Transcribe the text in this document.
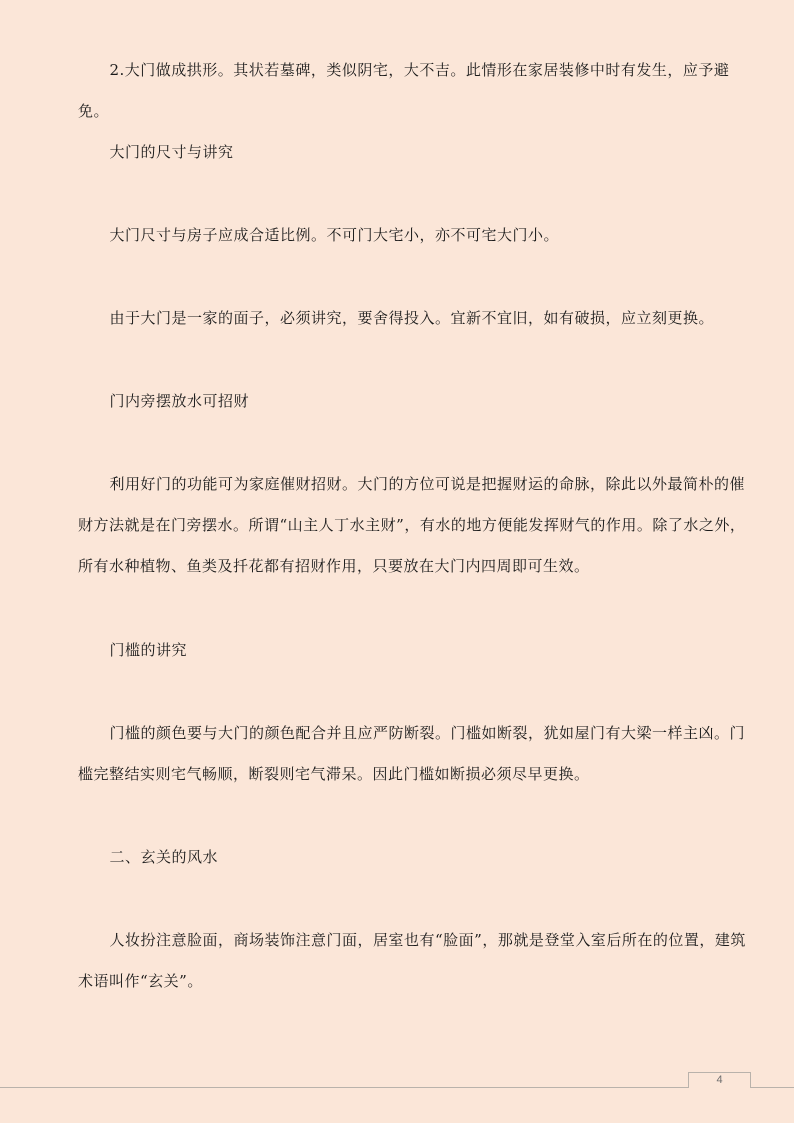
2.大门做成拱形。其状若墓碑，类似阴宅，大不吉。此情形在家居装修中时有发生，应予避免。

大门的尺寸与讲究

大门尺寸与房子应成合适比例。不可门大宅小，亦不可宅大门小。

由于大门是一家的面子，必须讲究，要舍得投入。宜新不宜旧，如有破损，应立刻更换。

门内旁摆放水可招财

利用好门的功能可为家庭催财招财。大门的方位可说是把握财运的命脉，除此以外最简朴的催财方法就是在门旁摆水。所谓“山主人丁水主财”，有水的地方便能发挥财气的作用。除了水之外，所有水种植物、鱼类及扦花都有招财作用，只要放在大门内四周即可生效。

门槛的讲究

门槛的颜色要与大门的颜色配合并且应严防断裂。门槛如断裂，犹如屋门有大梁一样主凶。门槛完整结实则宅气畅顺，断裂则宅气滞呆。因此门槛如断损必须尽早更换。

二、玄关的风水

人妆扮注意脸面，商场装饰注意门面，居室也有“脸面”，那就是登堂入室后所在的位置，建筑术语叫作“玄关”。

4
